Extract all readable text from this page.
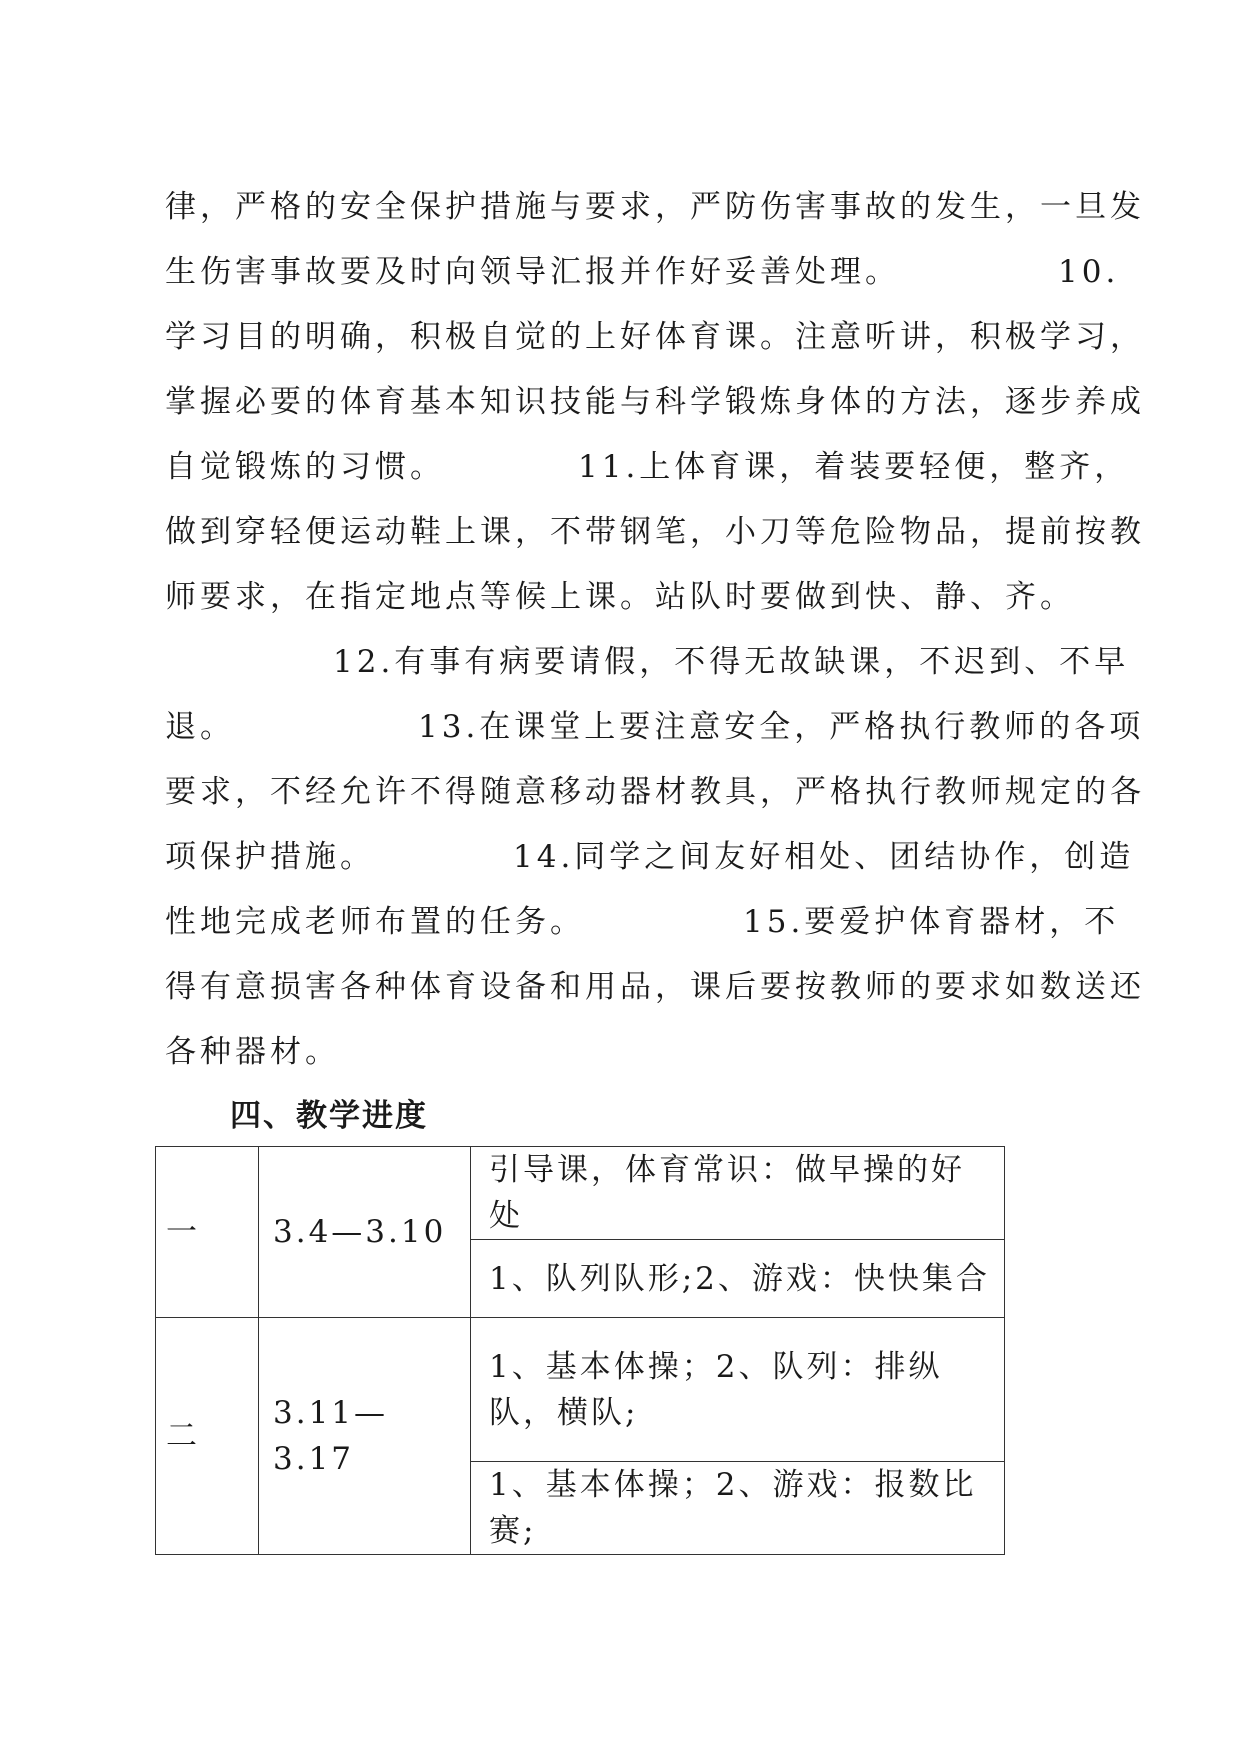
律，严格的安全保护措施与要求，严防伤害事故的发生，一旦发
生伤害事故要及时向领导汇报并作好妥善处理。	10.
学习目的明确，积极自觉的上好体育课。注意听讲，积极学习，
掌握必要的体育基本知识技能与科学锻炼身体的方法，逐步养成
自觉锻炼的习惯。	11.上体育课，着装要轻便，整齐，
做到穿轻便运动鞋上课，不带钢笔，小刀等危险物品，提前按教
师要求，在指定地点等候上课。站队时要做到快、静、齐。
12.有事有病要请假，不得无故缺课，不迟到、不早
退。	13.在课堂上要注意安全，严格执行教师的各项
要求，不经允许不得随意移动器材教具，严格执行教师规定的各
项保护措施。	14.同学之间友好相处、团结协作，创造
性地完成老师布置的任务。	15.要爱护体育器材，不
得有意损害各种体育设备和用品，课后要按教师的要求如数送还
各种器材。
四、教学进度
一	3.4—3.10	引导课，体育常识：做早操的好处
		1、队列队形;2、游戏：快快集合
二	3.11—3.17	1、基本体操；2、队列：排纵队，横队;
		1、基本体操；2、游戏：报数比赛;
